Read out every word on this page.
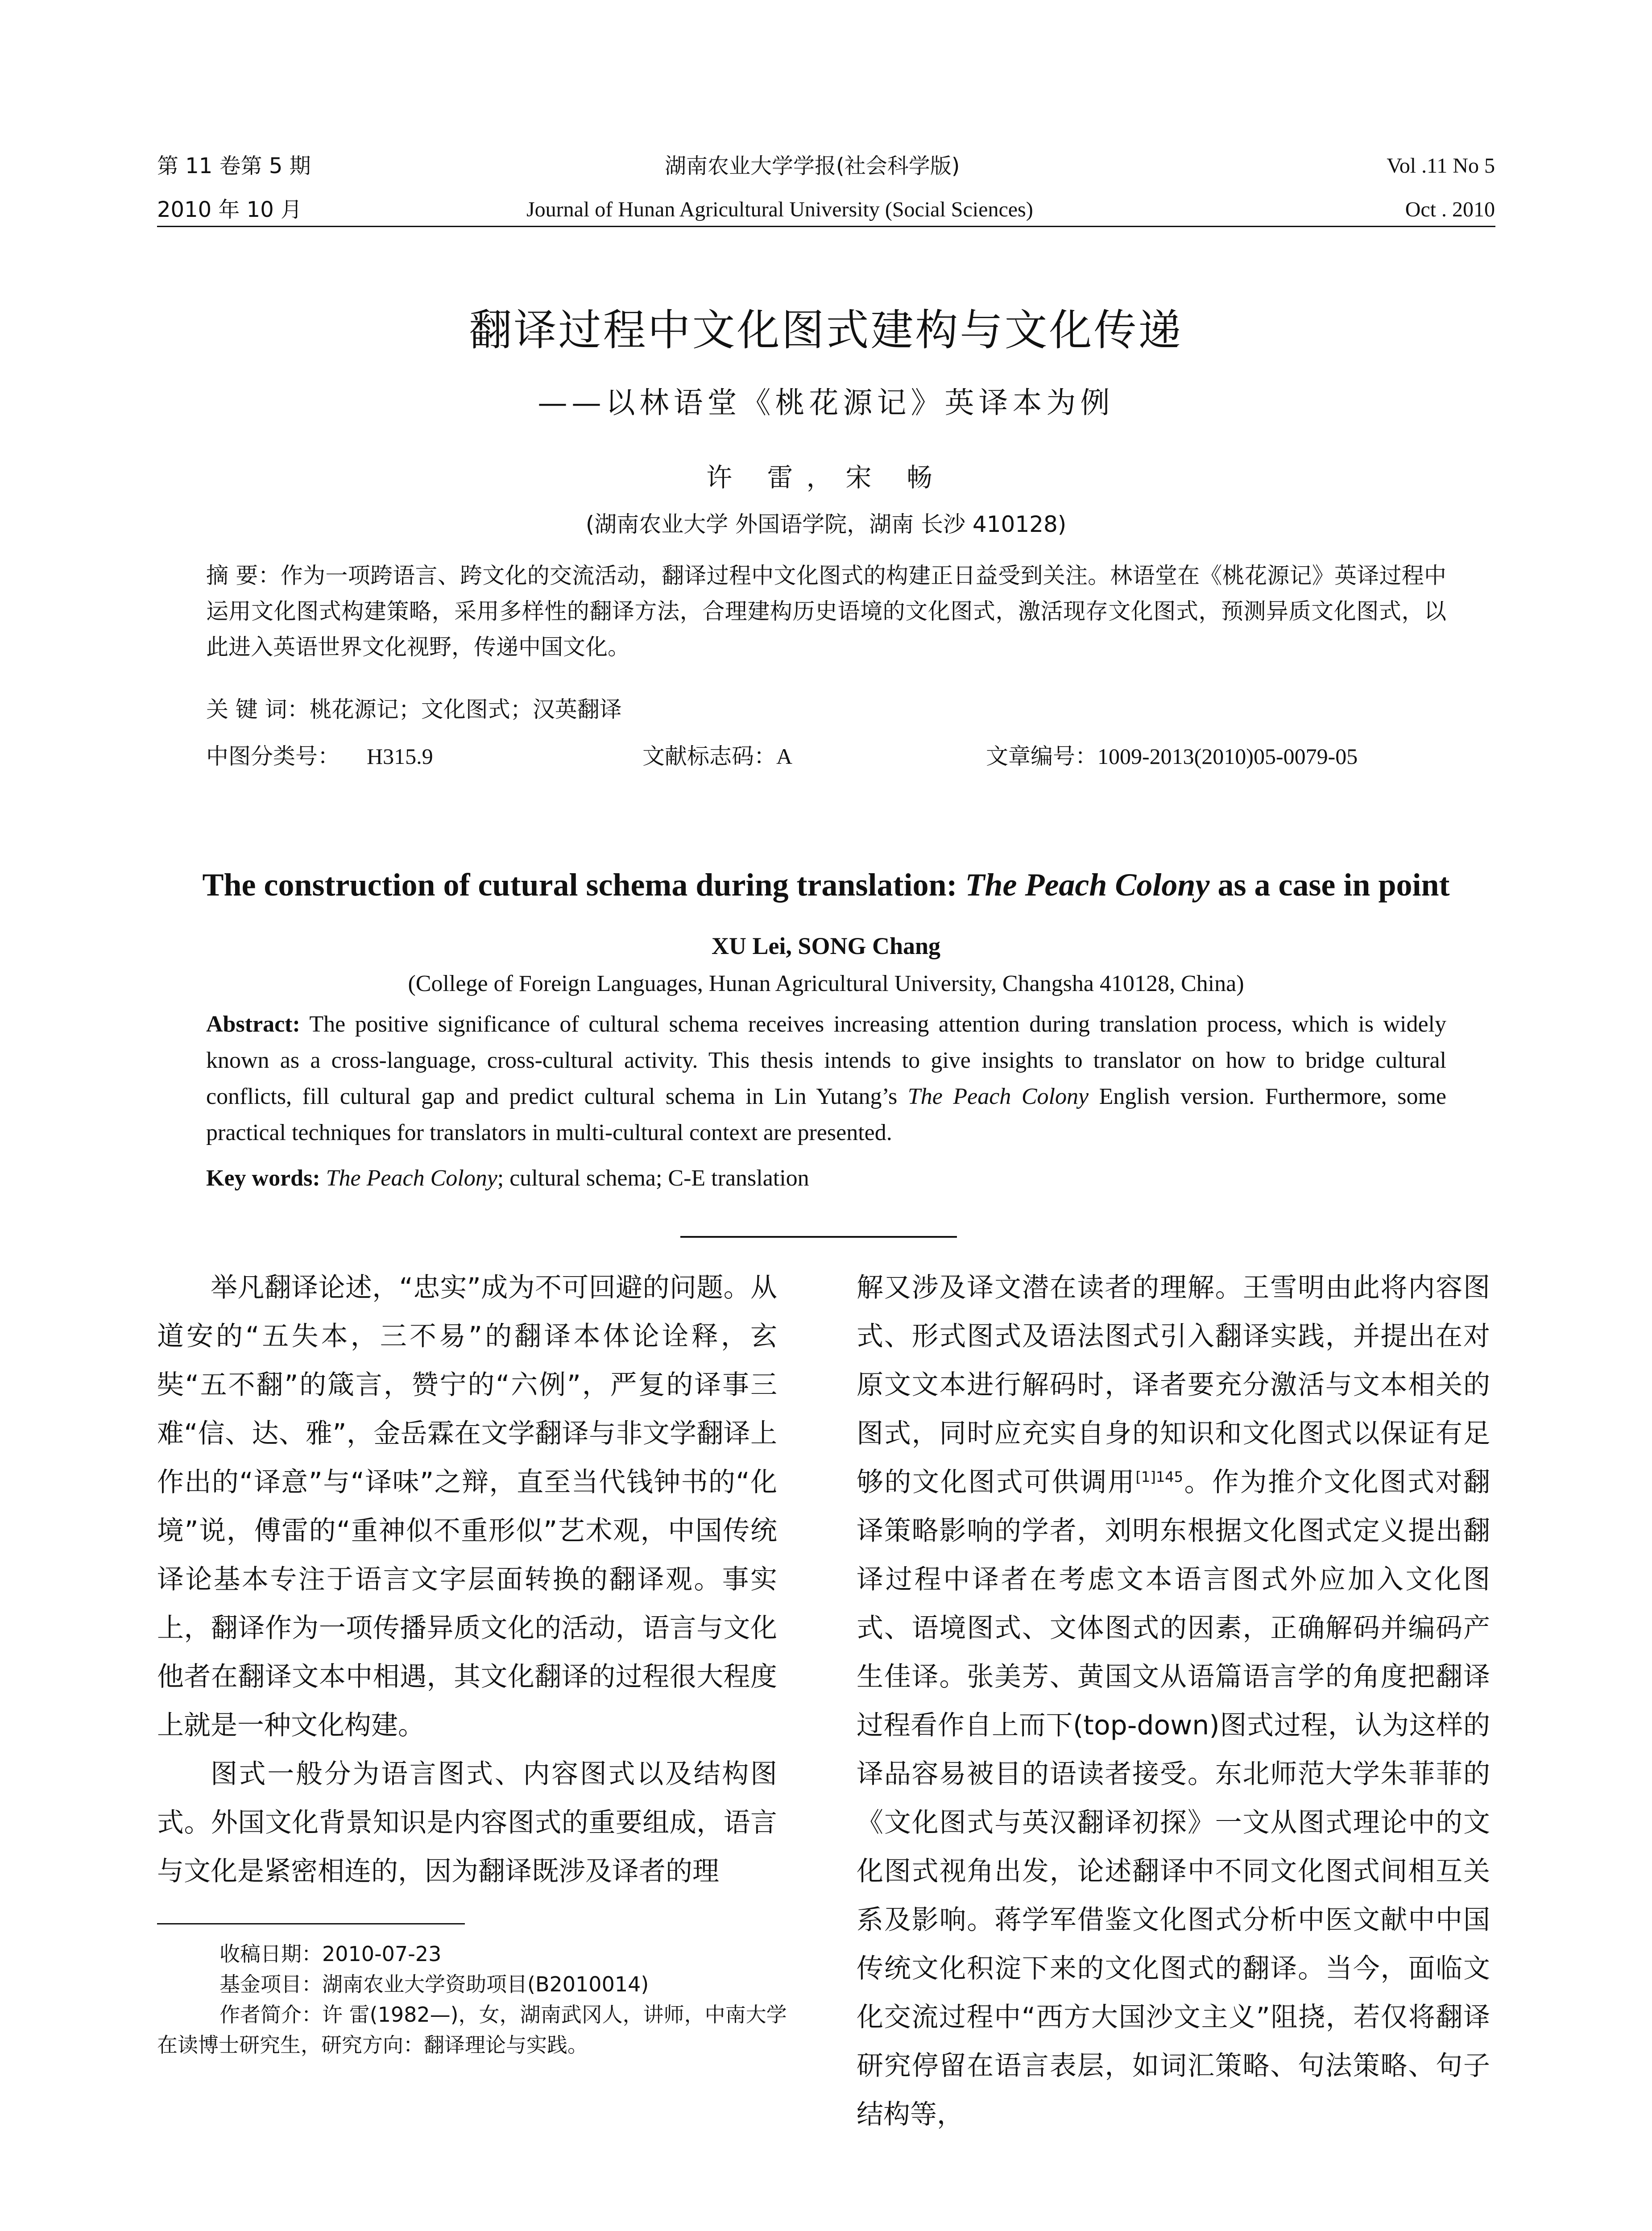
第 11 卷第 5 期	湖南农业大学学报(社会科学版)	Vol .11 No 5
2010 年 10 月	Journal of Hunan Agricultural University (Social Sciences)	Oct . 2010
翻译过程中文化图式建构与文化传递
——以林语堂《桃花源记》英译本为例
许 雷，宋 畅
(湖南农业大学 外国语学院，湖南 长沙 410128)
摘 要：作为一项跨语言、跨文化的交流活动，翻译过程中文化图式的构建正日益受到关注。林语堂在《桃花源记》英译过程中运用文化图式构建策略，采用多样性的翻译方法，合理建构历史语境的文化图式，激活现存文化图式，预测异质文化图式，以此进入英语世界文化视野，传递中国文化。
关 键 词：桃花源记；文化图式；汉英翻译
中图分类号： H315.9	文献标志码：A	文章编号：1009-2013(2010)05-0079-05
The construction of cutural schema during translation: The Peach Colony as a case in point
XU Lei, SONG Chang
(College of Foreign Languages, Hunan Agricultural University, Changsha 410128, China)
Abstract: The positive significance of cultural schema receives increasing attention during translation process, which is widely known as a cross-language, cross-cultural activity. This thesis intends to give insights to translator on how to bridge cultural conflicts, fill cultural gap and predict cultural schema in Lin Yutang’s The Peach Colony English version. Furthermore, some practical techniques for translators in multi-cultural context are presented.
Key words: The Peach Colony; cultural schema; C-E translation

举凡翻译论述，“忠实”成为不可回避的问题。从道安的“五失本，三不易”的翻译本体论诠释，玄奘“五不翻”的箴言，赞宁的“六例”，严复的译事三难“信、达、雅”，金岳霖在文学翻译与非文学翻译上作出的“译意”与“译味”之辩，直至当代钱钟书的“化境”说，傅雷的“重神似不重形似”艺术观，中国传统译论基本专注于语言文字层面转换的翻译观。事实上，翻译作为一项传播异质文化的活动，语言与文化他者在翻译文本中相遇，其文化翻译的过程很大程度上就是一种文化构建。

图式一般分为语言图式、内容图式以及结构图式。外国文化背景知识是内容图式的重要组成，语言与文化是紧密相连的，因为翻译既涉及译者的理

收稿日期：2010-07-23

基金项目：湖南农业大学资助项目(B2010014)

作者简介：许 雷(1982—)，女，湖南武冈人，讲师，中南大学在读博士研究生，研究方向：翻译理论与实践。

解又涉及译文潜在读者的理解。王雪明由此将内容图式、形式图式及语法图式引入翻译实践，并提出在对原文文本进行解码时，译者要充分激活与文本相关的图式，同时应充实自身的知识和文化图式以保证有足够的文化图式可供调用$^{[1]145}$。作为推介文化图式对翻译策略影响的学者，刘明东根据文化图式定义提出翻译过程中译者在考虑文本语言图式外应加入文化图式、语境图式、文体图式的因素，正确解码并编码产生佳译。张美芳、黄国文从语篇语言学的角度把翻译过程看作自上而下(top-down)图式过程，认为这样的译品容易被目的语读者接受。东北师范大学朱菲菲的《文化图式与英汉翻译初探》一文从图式理论中的文化图式视角出发，论述翻译中不同文化图式间相互关系及影响。蒋学军借鉴文化图式分析中医文献中中国传统文化积淀下来的文化图式的翻译。当今，面临文化交流过程中“西方大国沙文主义”阻挠，若仅将翻译研究停留在语言表层，如词汇策略、句法策略、句子结构等，
